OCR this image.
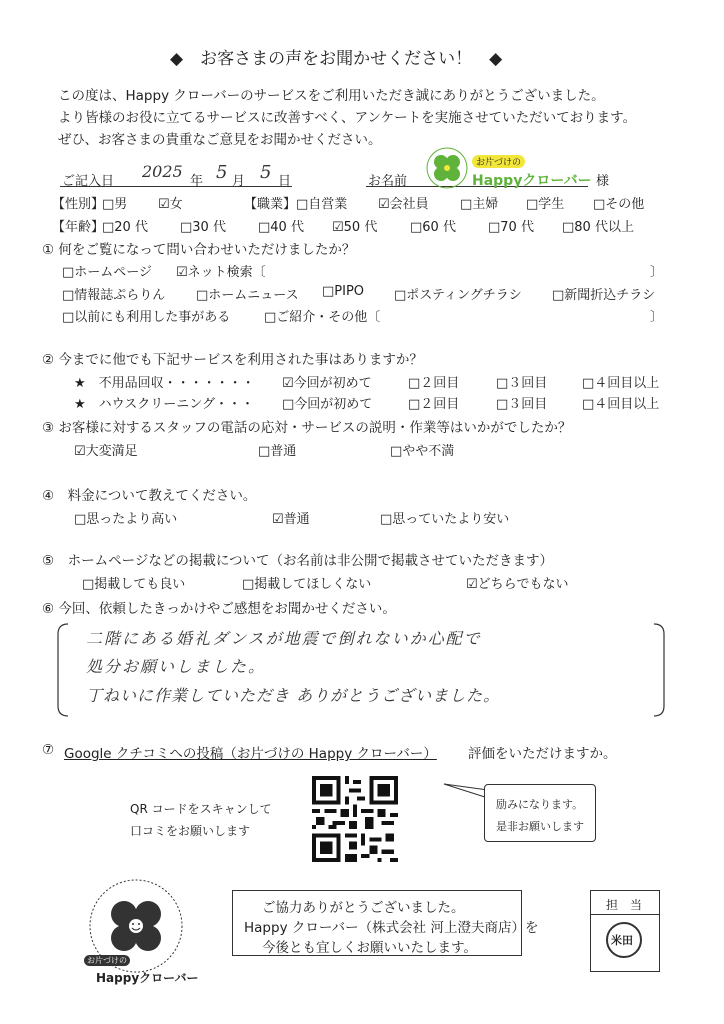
◆　お客さまの声をお聞かせください！　◆
この度は、Happy クローバーのサービスをご利用いただき誠にありがとうございました。
より皆様のお役に立てるサービスに改善すべく、アンケートを実施させていただいております。
ぜひ、お客さまの貴重なご意見をお聞かせください。
ご記入日
2025
年 5 月 5 日	お名前	様
お片づけの
Happyクローバー
【性別】
□男 ☑女	【職業】 □自営業 ☑会社員 □主婦 □学生 □その他
【年齢】
□20 代 □30 代 □40 代 ☑50 代	□60 代 □70 代 □80 代以上
① 何をご覧になって問い合わせいただけましたか？
□ホームページ ☑ネット検索〔	〕
□情報誌ぷらりん □ホームニュース □PIPO □ポスティングチラシ □新聞折込チラシ
□以前にも利用した事がある	□ご紹介・その他〔	〕
② 今までに他でも下記サービスを利用された事はありますか？
★　不用品回収・・・・・・・ ☑今回が初めて	□２回目	□３回目	□４回目以上
★　ハウスクリーニング・・・ □今回が初めて	□２回目	□３回目	□４回目以上
③ お客様に対するスタッフの電話の応対・サービスの説明・作業等はいかがでしたか？
☑大変満足	□普通	□やや不満
④　料金について教えてください。
□思ったより高い	☑普通	□思っていたより安い
⑤　ホームページなどの掲載について（お名前は非公開で掲載させていただきます）
□掲載しても良い	□掲載してほしくない	☑どちらでもない
⑥ 今回、依頼したきっかけやご感想をお聞かせください。
二階にある婚礼ダンスが地震で倒れないか心配で
処分お願いしました。
丁ねいに作業していただき ありがとうございました。
⑦ Google クチコミへの投稿（お片づけの Happy クローバー） 評価をいただけますか。
QR コードをスキャンして
口コミをお願いします
励みになります。
是非お願いします
お片づけの
Happyクローバー
ご協力ありがとうございました。
Happy クローバー（株式会社 河上澄夫商店）を
今後とも宜しくお願いいたします。
担　当
米田
